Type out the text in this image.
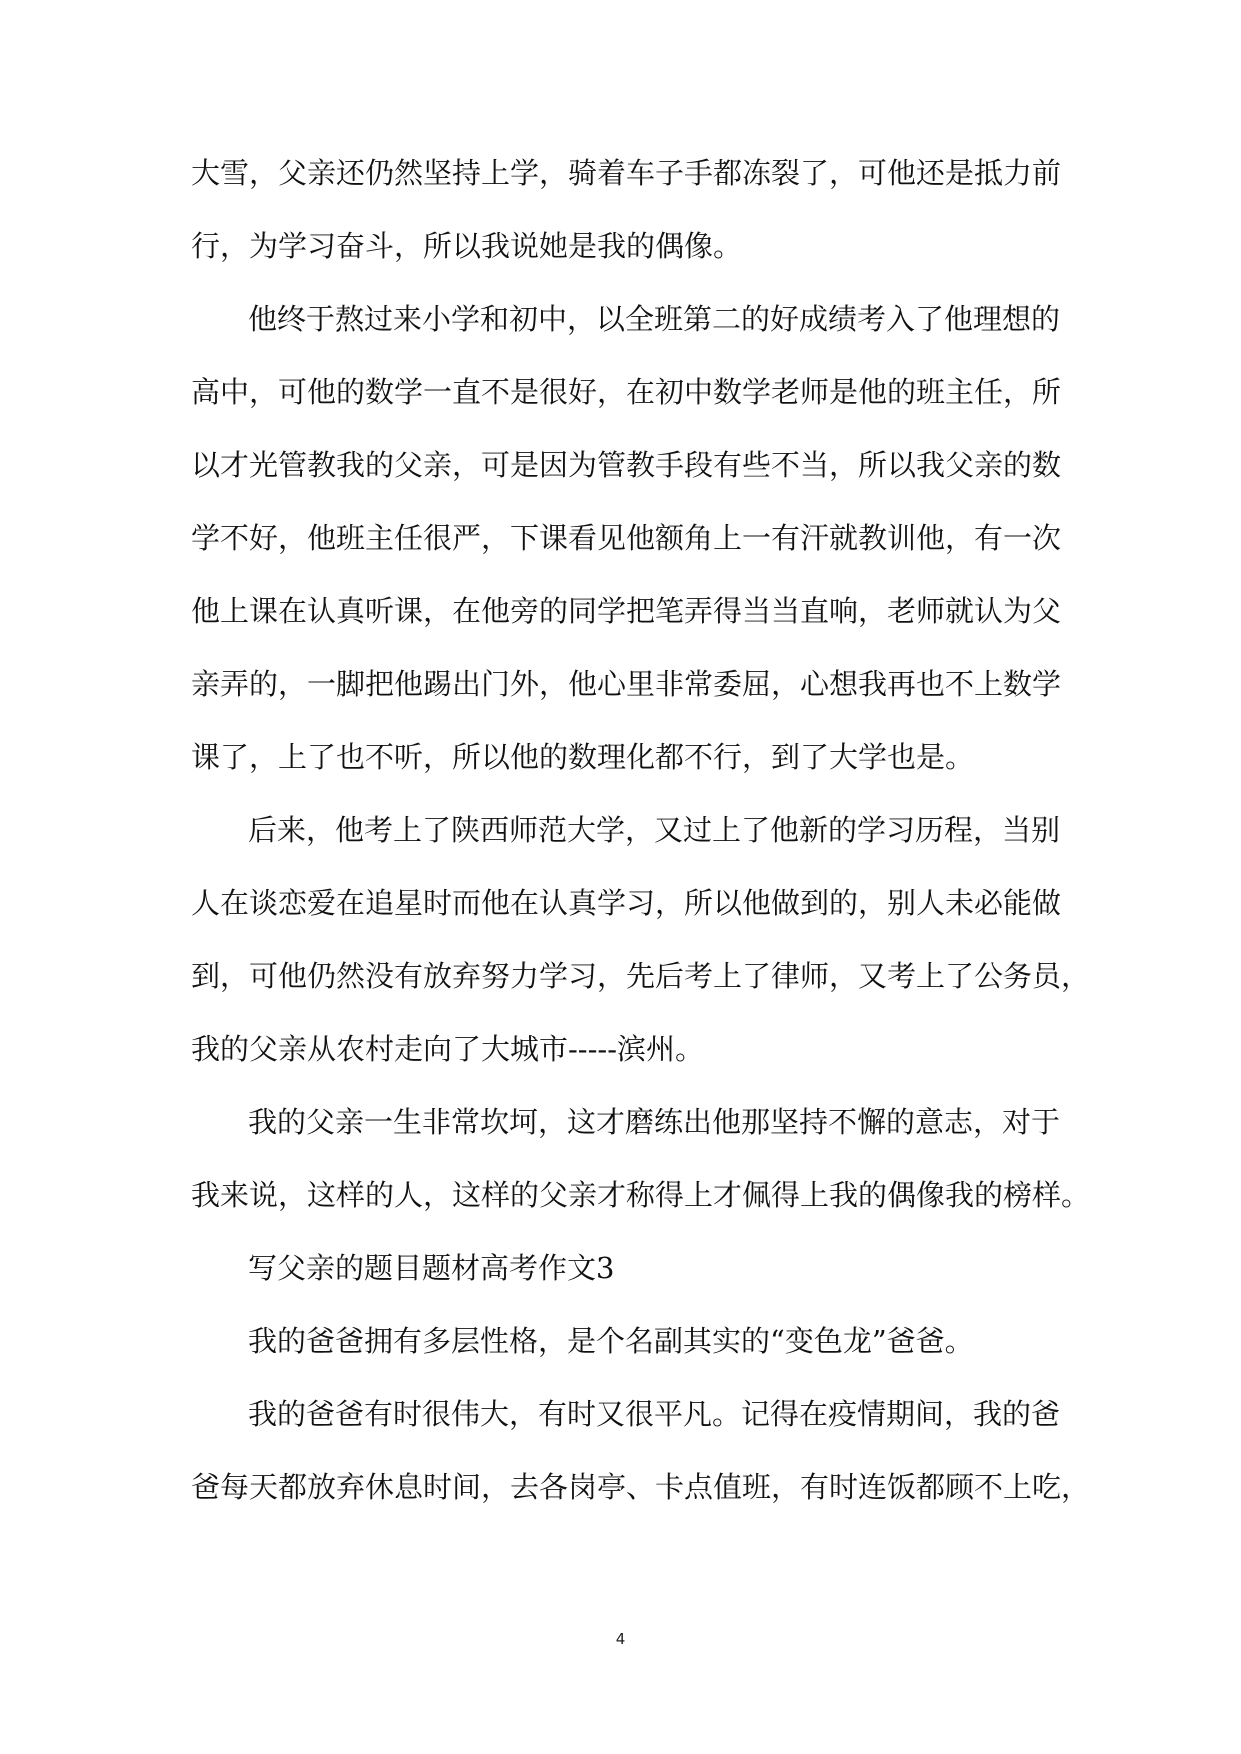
大雪，父亲还仍然坚持上学，骑着车子手都冻裂了，可他还是抵力前
行，为学习奋斗，所以我说她是我的偶像。
他终于熬过来小学和初中，以全班第二的好成绩考入了他理想的
高中，可他的数学一直不是很好，在初中数学老师是他的班主任，所
以才光管教我的父亲，可是因为管教手段有些不当，所以我父亲的数
学不好，他班主任很严，下课看见他额角上一有汗就教训他，有一次
他上课在认真听课，在他旁的同学把笔弄得当当直响，老师就认为父
亲弄的，一脚把他踢出门外，他心里非常委屈，心想我再也不上数学
课了，上了也不听，所以他的数理化都不行，到了大学也是。
后来，他考上了陕西师范大学，又过上了他新的学习历程，当别
人在谈恋爱在追星时而他在认真学习，所以他做到的，别人未必能做
到，可他仍然没有放弃努力学习，先后考上了律师，又考上了公务员，
我的父亲从农村走向了大城市-----滨州。
我的父亲一生非常坎坷，这才磨练出他那坚持不懈的意志，对于
我来说，这样的人，这样的父亲才称得上才佩得上我的偶像我的榜样。
写父亲的题目题材高考作文3
我的爸爸拥有多层性格，是个名副其实的“变色龙”爸爸。
我的爸爸有时很伟大，有时又很平凡。记得在疫情期间，我的爸
爸每天都放弃休息时间，去各岗亭、卡点值班，有时连饭都顾不上吃，
4
